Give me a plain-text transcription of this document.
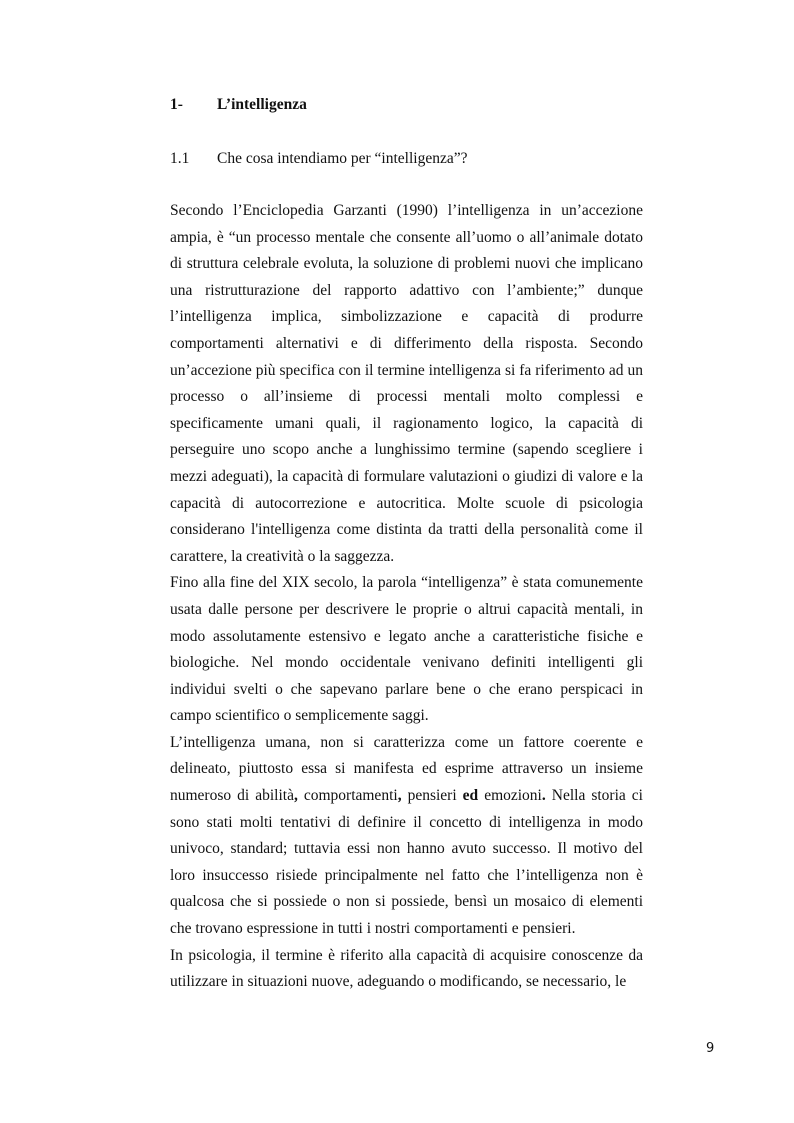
1- L’intelligenza
1.1 Che cosa intendiamo per “intelligenza”?

Secondo l’Enciclopedia Garzanti (1990) l’intelligenza in un’accezione ampia, è “un processo mentale che consente all’uomo o all’animale dotato di struttura celebrale evoluta, la soluzione di problemi nuovi che implicano una ristrutturazione del rapporto adattivo con l’ambiente;” dunque l’intelligenza implica, simbolizzazione e capacità di produrre comportamenti alternativi e di differimento della risposta. Secondo un’accezione più specifica con il termine intelligenza si fa riferimento ad un processo o all’insieme di processi mentali molto complessi e specificamente umani quali, il ragionamento logico, la capacità di perseguire uno scopo anche a lunghissimo termine (sapendo scegliere i mezzi adeguati), la capacità di formulare valutazioni o giudizi di valore e la capacità di autocorrezione e autocritica. Molte scuole di psicologia considerano l'intelligenza come distinta da tratti della personalità come il carattere, la creatività o la saggezza.

Fino alla fine del XIX secolo, la parola “intelligenza” è stata comunemente usata dalle persone per descrivere le proprie o altrui capacità mentali, in modo assolutamente estensivo e legato anche a caratteristiche fisiche e biologiche. Nel mondo occidentale venivano definiti intelligenti gli individui svelti o che sapevano parlare bene o che erano perspicaci in campo scientifico o semplicemente saggi.

L’intelligenza umana, non si caratterizza come un fattore coerente e delineato, piuttosto essa si manifesta ed esprime attraverso un insieme numeroso di abilità, comportamenti, pensieri ed emozioni. Nella storia ci sono stati molti tentativi di definire il concetto di intelligenza in modo univoco, standard; tuttavia essi non hanno avuto successo. Il motivo del loro insuccesso risiede principalmente nel fatto che l’intelligenza non è qualcosa che si possiede o non si possiede, bensì un mosaico di elementi che trovano espressione in tutti i nostri comportamenti e pensieri.

In psicologia, il termine è riferito alla capacità di acquisire conoscenze da utilizzare in situazioni nuove, adeguando o modificando, se necessario, le

9
